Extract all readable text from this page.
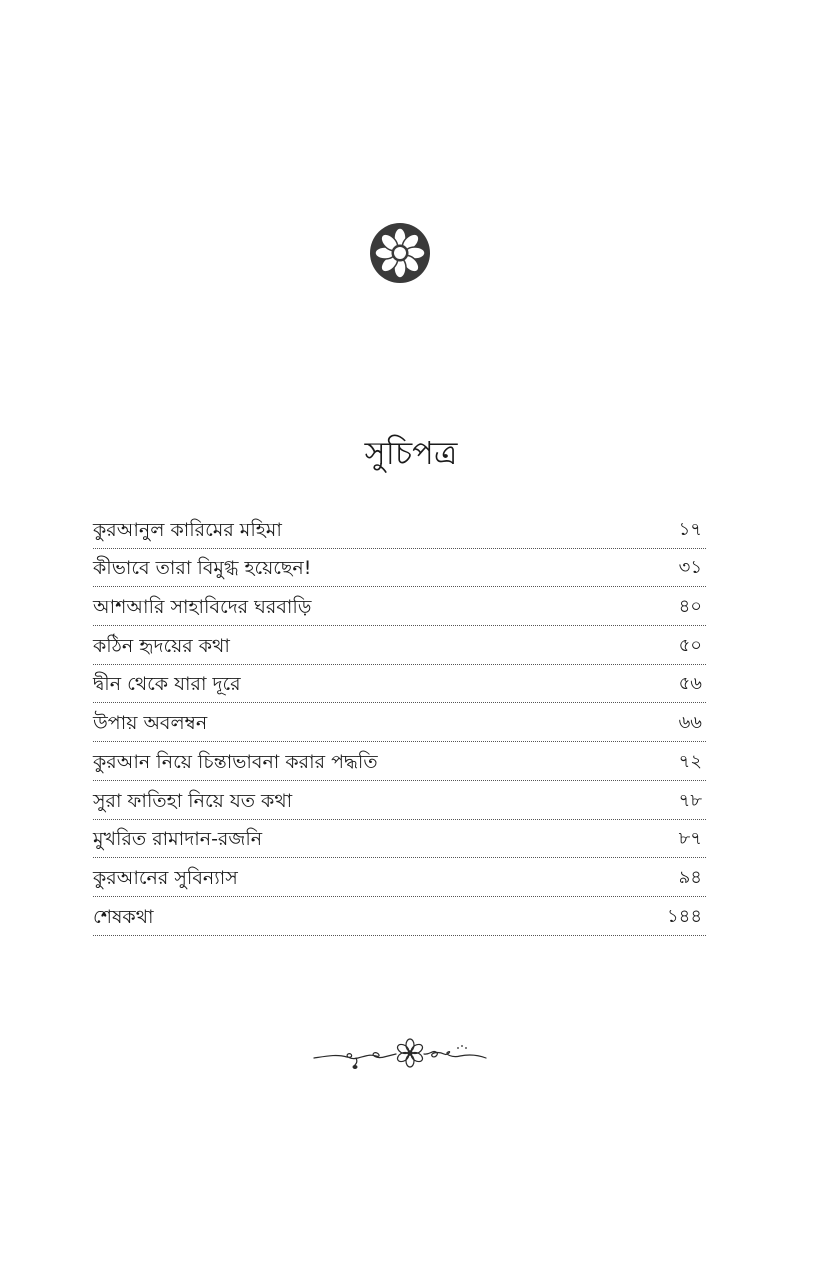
সুচিপত্র
কুরআনুল কারিমের মহিমা	১৭
কীভাবে তারা বিমুগ্ধ হয়েছেন!	৩১
আশআরি সাহাবিদের ঘরবাড়ি	৪০
কঠিন হৃদয়ের কথা	৫০
দ্বীন থেকে যারা দূরে	৫৬
উপায় অবলম্বন	৬৬
কুরআন নিয়ে চিন্তাভাবনা করার পদ্ধতি	৭২
সুরা ফাতিহা নিয়ে যত কথা	৭৮
মুখরিত রামাদান-রজনি	৮৭
কুরআনের সুবিন্যাস	৯৪
শেষকথা	১৪৪
